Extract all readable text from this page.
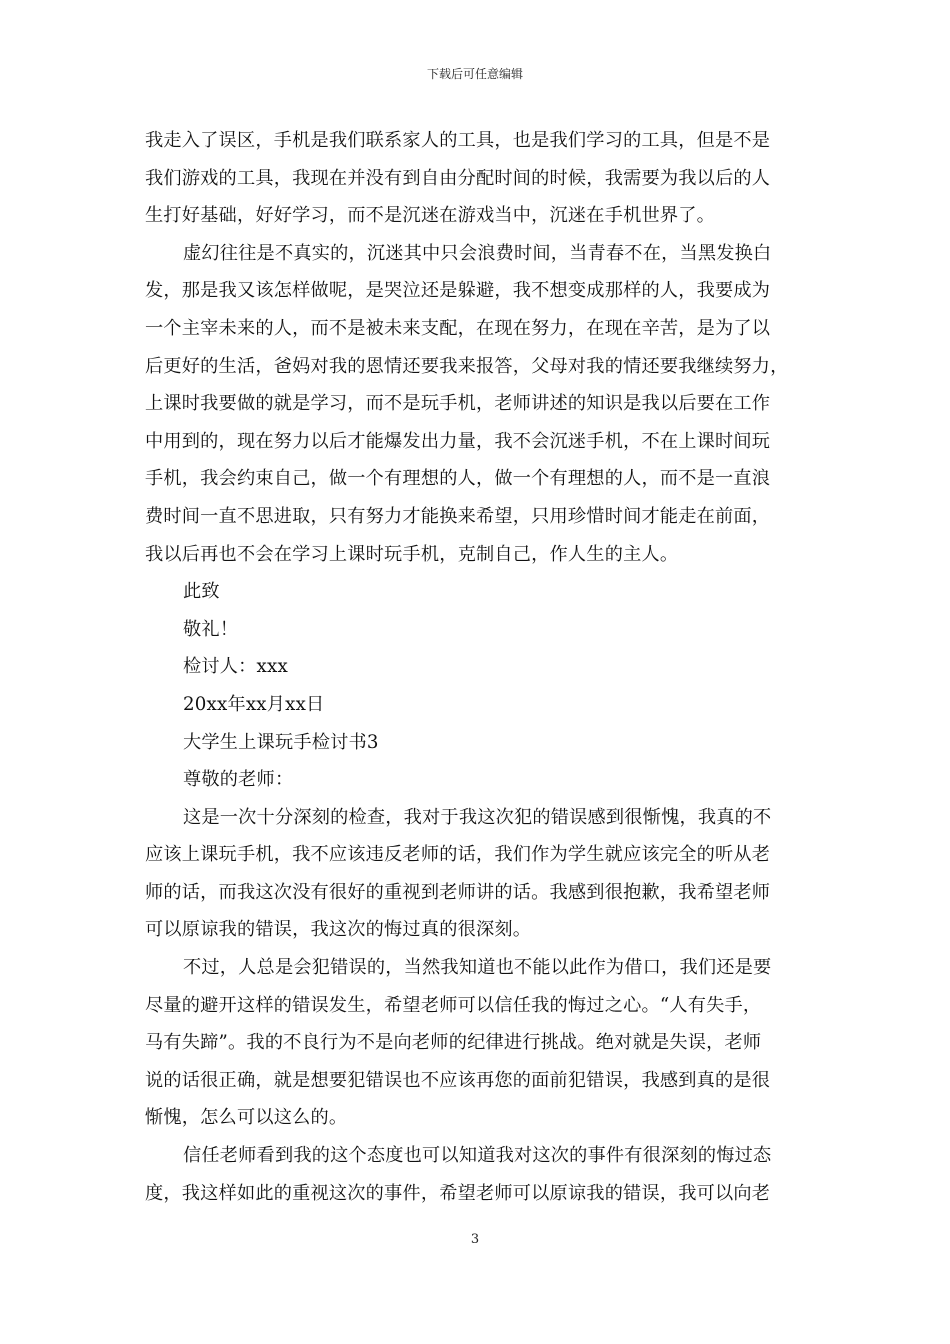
下载后可任意编辑

我走入了误区，手机是我们联系家人的工具，也是我们学习的工具，但是不是

我们游戏的工具，我现在并没有到自由分配时间的时候，我需要为我以后的人

生打好基础，好好学习，而不是沉迷在游戏当中，沉迷在手机世界了。

虚幻往往是不真实的，沉迷其中只会浪费时间，当青春不在，当黑发换白

发，那是我又该怎样做呢，是哭泣还是躲避，我不想变成那样的人，我要成为

一个主宰未来的人，而不是被未来支配，在现在努力，在现在辛苦，是为了以

后更好的生活，爸妈对我的恩情还要我来报答，父母对我的情还要我继续努力，

上课时我要做的就是学习，而不是玩手机，老师讲述的知识是我以后要在工作

中用到的，现在努力以后才能爆发出力量，我不会沉迷手机，不在上课时间玩

手机，我会约束自己，做一个有理想的人，做一个有理想的人，而不是一直浪

费时间一直不思进取，只有努力才能换来希望，只用珍惜时间才能走在前面，

我以后再也不会在学习上课时玩手机，克制自己，作人生的主人。

此致

敬礼！

检讨人：xxx

20xx年xx月xx日

大学生上课玩手检讨书3

尊敬的老师：

这是一次十分深刻的检查，我对于我这次犯的错误感到很惭愧，我真的不

应该上课玩手机，我不应该违反老师的话，我们作为学生就应该完全的听从老

师的话，而我这次没有很好的重视到老师讲的话。我感到很抱歉，我希望老师

可以原谅我的错误，我这次的悔过真的很深刻。

不过，人总是会犯错误的，当然我知道也不能以此作为借口，我们还是要

尽量的避开这样的错误发生，希望老师可以信任我的悔过之心。“人有失手，

马有失蹄”。我的不良行为不是向老师的纪律进行挑战。绝对就是失误，老师

说的话很正确，就是想要犯错误也不应该再您的面前犯错误，我感到真的是很

惭愧，怎么可以这么的。

信任老师看到我的这个态度也可以知道我对这次的事件有很深刻的悔过态

度，我这样如此的重视这次的事件，希望老师可以原谅我的错误，我可以向老

3
